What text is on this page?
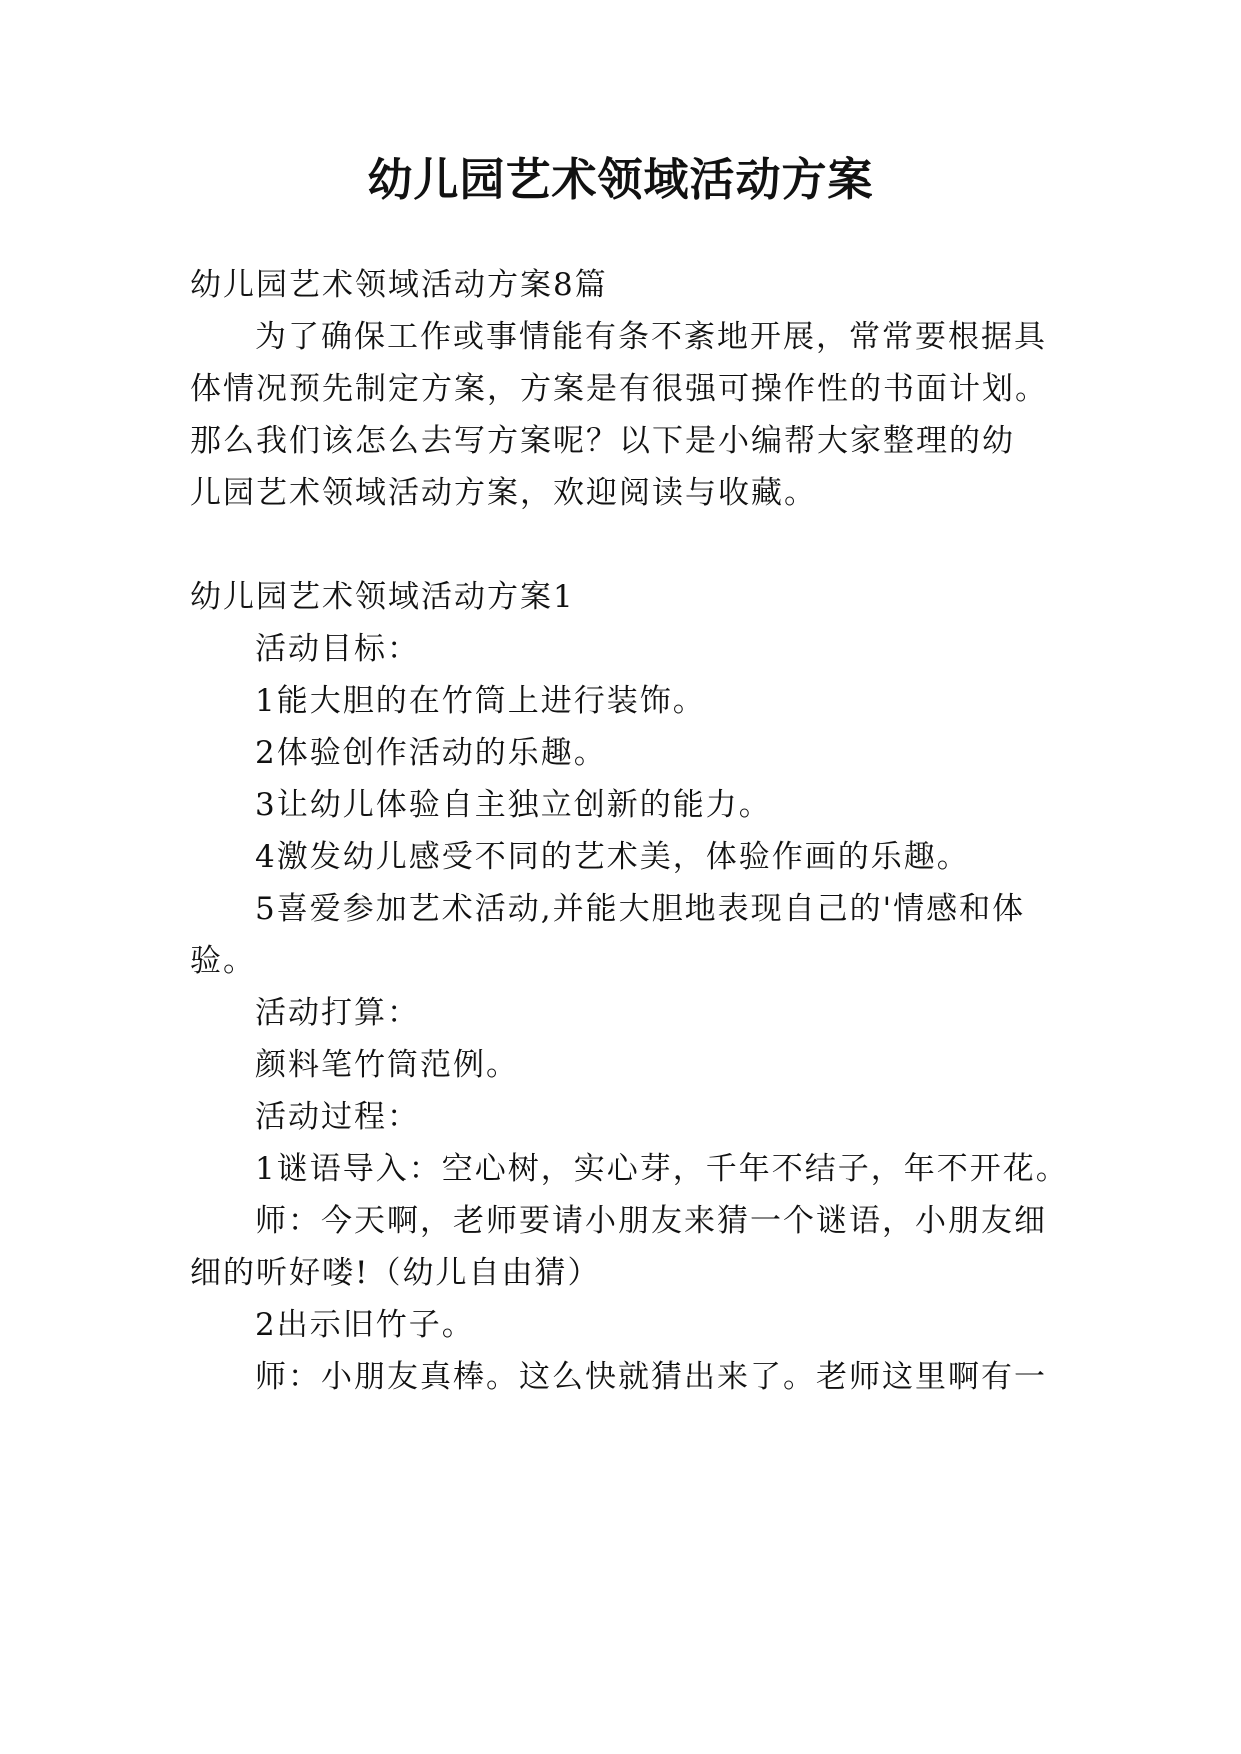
幼儿园艺术领域活动方案
幼儿园艺术领域活动方案8篇
为了确保工作或事情能有条不紊地开展，常常要根据具
体情况预先制定方案，方案是有很强可操作性的书面计划。
那么我们该怎么去写方案呢？以下是小编帮大家整理的幼
儿园艺术领域活动方案，欢迎阅读与收藏。
幼儿园艺术领域活动方案1
活动目标：
1能大胆的在竹筒上进行装饰。
2体验创作活动的乐趣。
3让幼儿体验自主独立创新的能力。
4激发幼儿感受不同的艺术美，体验作画的乐趣。
5喜爱参加艺术活动,并能大胆地表现自己的'情感和体
验。
活动打算：
颜料笔竹筒范例。
活动过程：
1谜语导入：空心树，实心芽，千年不结子，年不开花。
师：今天啊，老师要请小朋友来猜一个谜语，小朋友细
细的听好喽!（幼儿自由猜）
2出示旧竹子。
师：小朋友真棒。这么快就猜出来了。老师这里啊有一
